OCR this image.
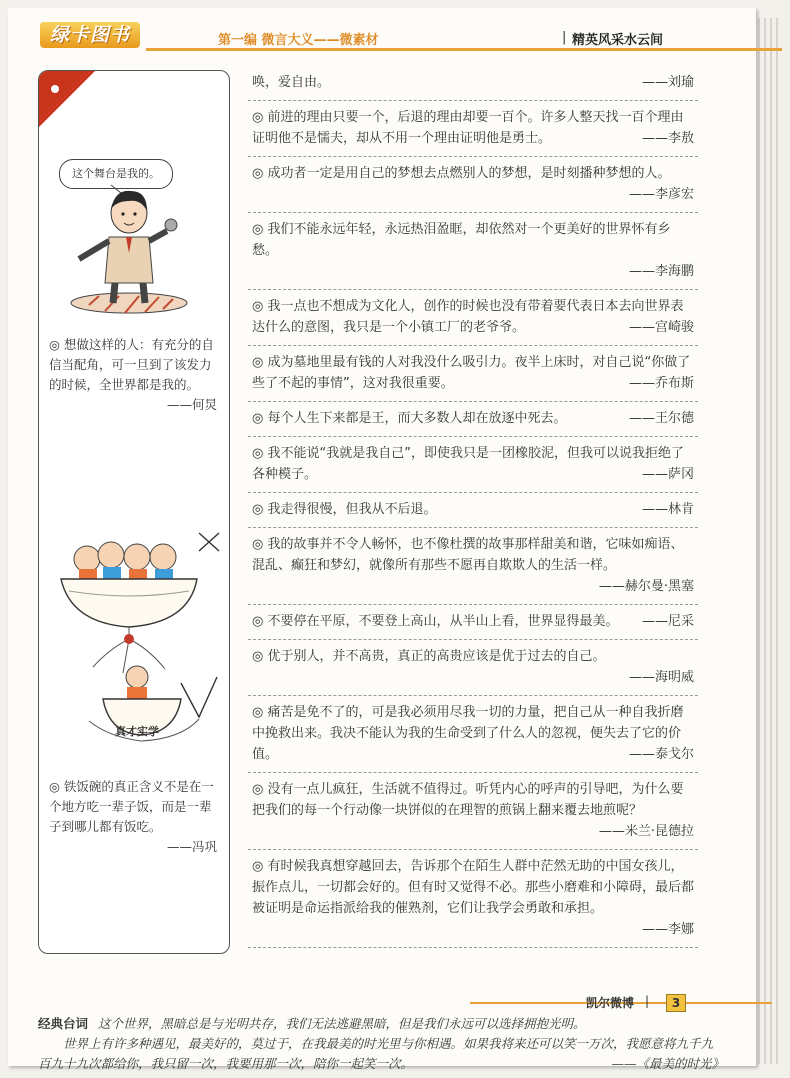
绿卡图书	第一编 微言大义——微素材	| 精英风采水云间
这个舞台是我的。
◎ 想做这样的人：有充分的自信当配角，可一旦到了该发力的时候，全世界都是我的。
——何炅
真才实学
◎ 铁饭碗的真正含义不是在一个地方吃一辈子饭，而是一辈子到哪儿都有饭吃。
——冯巩
唤，爱自由。	——刘瑜
◎ 前进的理由只要一个，后退的理由却要一百个。许多人整天找一百个理由证明他不是懦夫，却从不用一个理由证明他是勇士。	——李敖
◎ 成功者一定是用自己的梦想去点燃别人的梦想，是时刻播种梦想的人。
——李彦宏
◎ 我们不能永远年轻，永远热泪盈眶，却依然对一个更美好的世界怀有乡愁。
——李海鹏
◎ 我一点也不想成为文化人，创作的时候也没有带着要代表日本去向世界表达什么的意图，我只是一个小镇工厂的老爷爷。	——宫崎骏
◎ 成为墓地里最有钱的人对我没什么吸引力。夜半上床时，对自己说“你做了些了不起的事情”，这对我很重要。	——乔布斯
◎ 每个人生下来都是王，而大多数人却在放逐中死去。	——王尔德
◎ 我不能说“我就是我自己”，即使我只是一团橡胶泥，但我可以说我拒绝了各种模子。	——萨冈
◎ 我走得很慢，但我从不后退。	——林肯
◎ 我的故事并不令人畅怀，也不像杜撰的故事那样甜美和谐，它味如痴语、混乱、癫狂和梦幻，就像所有那些不愿再自欺欺人的生活一样。
——赫尔曼·黑塞
◎ 不要停在平原，不要登上高山，从半山上看，世界显得最美。 ——尼采
◎ 优于别人，并不高贵，真正的高贵应该是优于过去的自己。
——海明威
◎ 痛苦是免不了的，可是我必须用尽我一切的力量，把自己从一种自我折磨中挽救出来。我决不能认为我的生命受到了什么人的忽视，便失去了它的价值。	——泰戈尔
◎ 没有一点儿疯狂，生活就不值得过。听凭内心的呼声的引导吧，为什么要把我们的每一个行动像一块饼似的在理智的煎锅上翻来覆去地煎呢？
——米兰·昆德拉
◎ 有时候我真想穿越回去，告诉那个在陌生人群中茫然无助的中国女孩儿，振作点儿，一切都会好的。但有时又觉得不必。那些小磨难和小障碍，最后都被证明是命运指派给我的催熟剂，它们让我学会勇敢和承担。
——李娜
凯尔微博 |	3
经典台词 这个世界，黑暗总是与光明共存，我们无法逃避黑暗，但是我们永远可以选择拥抱光明。
世界上有许多种遇见，最美好的，莫过于，在我最美的时光里与你相遇。如果我将来还可以笑一万次，我愿意将九千九百九十九次都给你，我只留一次，我要用那一次，陪你一起笑一次。	——《最美的时光》
